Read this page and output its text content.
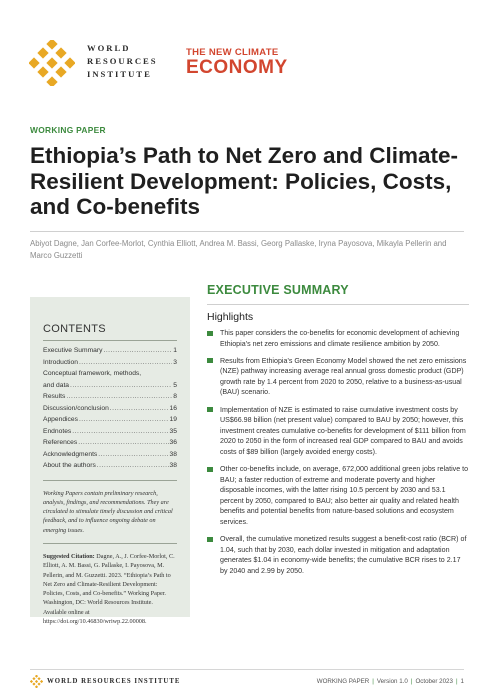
WORLD
RESOURCES
INSTITUTE
THE NEW CLIMATE
ECONOMY
WORKING PAPER
Ethiopia’s Path to Net Zero and Climate-Resilient Development: Policies, Costs, and Co-benefits
Abiyot Dagne, Jan Corfee-Morlot, Cynthia Elliott, Andrea M. Bassi, Georg Pallaske, Iryna Payosova, Mikayla Pellerin and Marco Guzzetti
CONTENTS
Executive Summary .....	1
Introduction .....	3
Conceptual framework, methods,
and data .....	5
Results .....	8
Discussion/conclusion .....	16
Appendices .....	19
Endnotes .....	35
References .....	36
Acknowledgments .....	38
About the authors .....	38

Working Papers contain preliminary research, analysis, findings, and recommendations. They are circulated to stimulate timely discussion and critical feedback, and to influence ongoing debate on emerging issues.

Suggested Citation: Dagne, A., J. Corfee-Morlot, C. Elliott, A. M. Bassi, G. Pallaske, I. Payosova, M. Pellerin, and M. Guzzetti. 2023. “Ethiopia’s Path to Net Zero and Climate-Resilient Development: Policies, Costs, and Co-benefits.” Working Paper. Washington, DC: World Resources Institute. Available online at https://doi.org/10.46830/wriwp.22.00008.

EXECUTIVE SUMMARY
Highlights
This paper considers the co-benefits for economic development of achieving Ethiopia’s net zero emissions and climate resilience ambition by 2050.
Results from Ethiopia’s Green Economy Model showed the net zero emissions (NZE) pathway increasing average real annual gross domestic product (GDP) growth rate by 1.4 percent from 2020 to 2050, relative to a business-as-usual (BAU) scenario.
Implementation of NZE is estimated to raise cumulative investment costs by US$66.98 billion (net present value) compared to BAU by 2050; however, this investment creates cumulative co-benefits for development of $111 billion from 2020 to 2050 in the form of increased real GDP compared to BAU and avoids costs of $89 billion (largely avoided energy costs).
Other co-benefits include, on average, 672,000 additional green jobs relative to BAU; a faster reduction of extreme and moderate poverty and higher disposable incomes, with the latter rising 10.5 percent by 2030 and 53.1 percent by 2050, compared to BAU; also better air quality and related health benefits and potential benefits from nature-based solutions and ecosystem services.
Overall, the cumulative monetized results suggest a benefit-cost ratio (BCR) of 1.04, such that by 2030, each dollar invested in mitigation and adaptation generates $1.04 in economy-wide benefits; the cumulative BCR rises to 2.17 by 2040 and 2.99 by 2050.
WORLD RESOURCES INSTITUTE	WORKING PAPER | Version 1.0 | October 2023 | 1
